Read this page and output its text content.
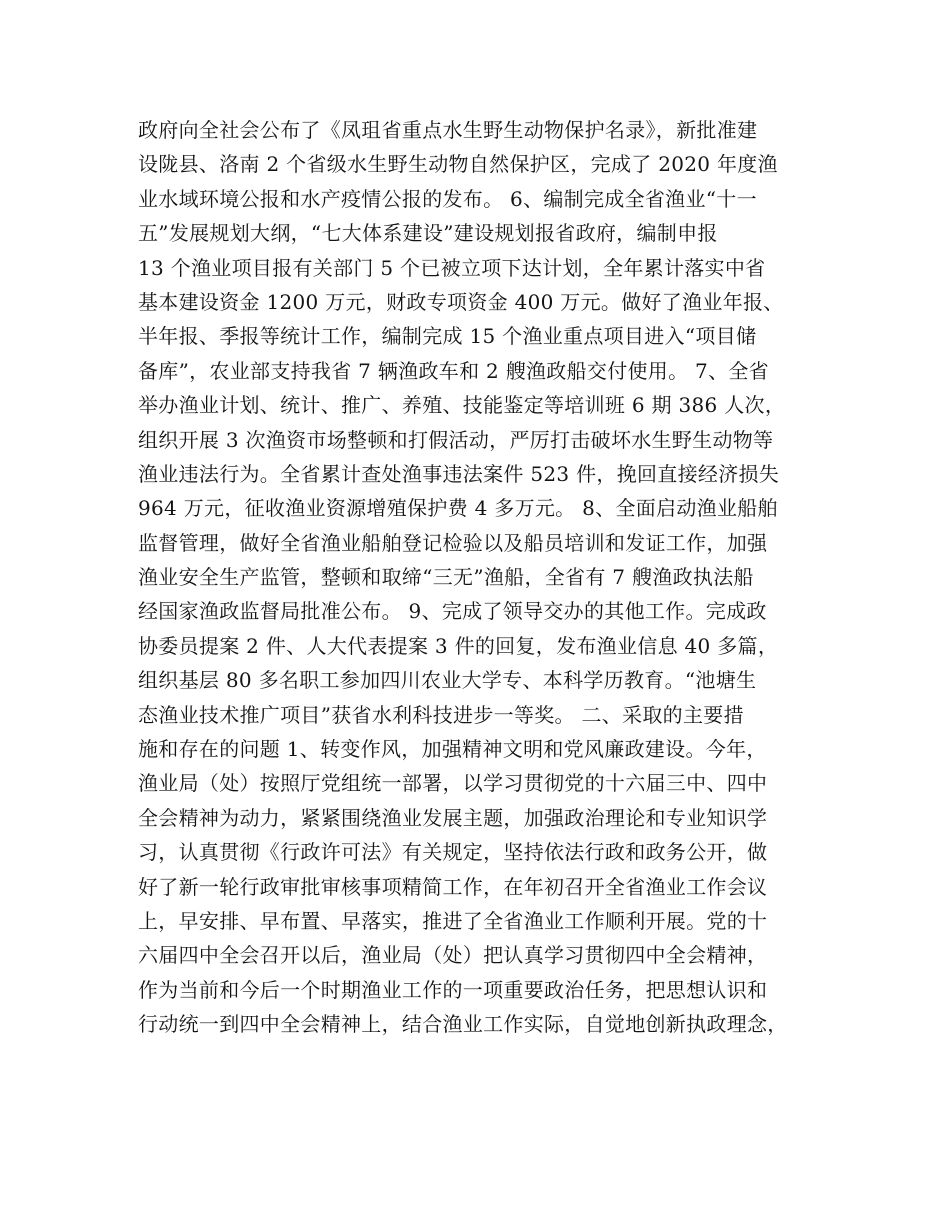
政府向全社会公布了《凤珇省重点水生野生动物保护名录》，新批准建
设陇县、洛南 2 个省级水生野生动物自然保护区，完成了 2020 年度渔
业水域环境公报和水产疫情公报的发布。 6、编制完成全省渔业“十一
五”发展规划大纲，“七大体系建设”建设规划报省政府，编制申报
13 个渔业项目报有关部门 5 个已被立项下达计划，全年累计落实中省
基本建设资金 1200 万元，财政专项资金 400 万元。做好了渔业年报、
半年报、季报等统计工作，编制完成 15 个渔业重点项目进入“项目储
备库”，农业部支持我省 7 辆渔政车和 2 艘渔政船交付使用。 7、全省
举办渔业计划、统计、推广、养殖、技能鉴定等培训班 6 期 386 人次，
组织开展 3 次渔资市场整顿和打假活动，严厉打击破坏水生野生动物等
渔业违法行为。全省累计查处渔事违法案件 523 件，挽回直接经济损失
964 万元，征收渔业资源增殖保护费 4 多万元。 8、全面启动渔业船舶
监督管理，做好全省渔业船舶登记检验以及船员培训和发证工作，加强
渔业安全生产监管，整顿和取缔“三无”渔船，全省有 7 艘渔政执法船
经国家渔政监督局批准公布。 9、完成了领导交办的其他工作。完成政
协委员提案 2 件、人大代表提案 3 件的回复，发布渔业信息 40 多篇，
组织基层 80 多名职工参加四川农业大学专、本科学历教育。“池塘生
态渔业技术推广项目”获省水利科技进步一等奖。 二、采取的主要措
施和存在的问题 1、转变作风，加强精神文明和党风廉政建设。今年，
渔业局（处）按照厅党组统一部署，以学习贯彻党的十六届三中、四中
全会精神为动力，紧紧围绕渔业发展主题，加强政治理论和专业知识学
习，认真贯彻《行政许可法》有关规定，坚持依法行政和政务公开，做
好了新一轮行政审批审核事项精简工作，在年初召开全省渔业工作会议
上，早安排、早布置、早落实，推进了全省渔业工作顺利开展。党的十
六届四中全会召开以后，渔业局（处）把认真学习贯彻四中全会精神，
作为当前和今后一个时期渔业工作的一项重要政治任务，把思想认识和
行动统一到四中全会精神上，结合渔业工作实际，自觉地创新执政理念，
